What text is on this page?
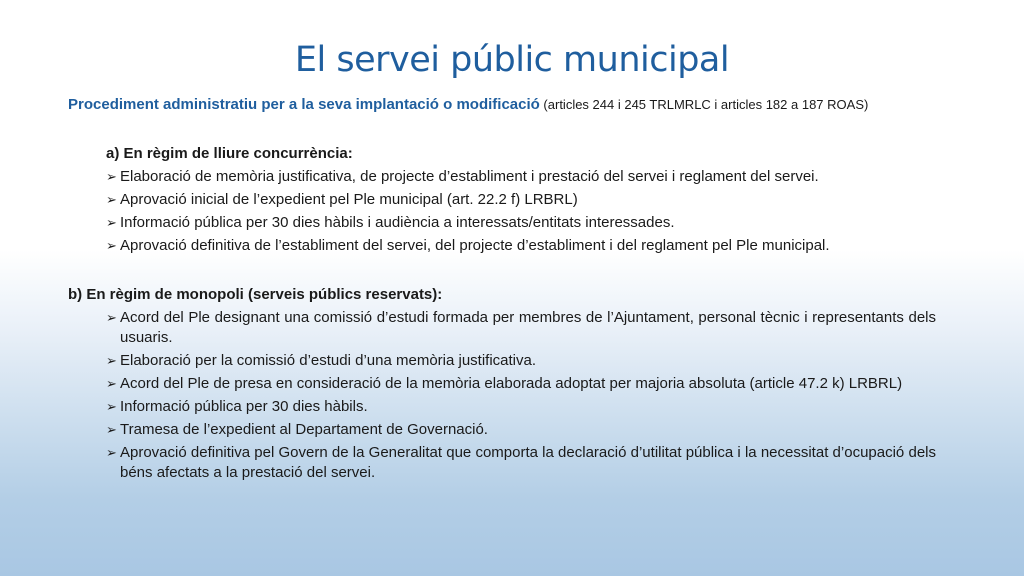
El servei públic municipal

Procediment administratiu per a la seva implantació o modificació (articles 244 i 245 TRLMRLC i articles 182 a 187 ROAS)

a) En règim de lliure concurrència:
➢ Elaboració de memòria justificativa, de projecte d’establiment i prestació del servei i reglament del servei.
➢ Aprovació inicial de l’expedient pel Ple municipal (art. 22.2 f) LRBRL)
➢ Informació pública per 30 dies hàbils i audiència a interessats/entitats interessades.
➢ Aprovació definitiva de l’establiment del servei, del projecte d’establiment i del reglament pel Ple municipal.
b) En règim de monopoli (serveis públics reservats):
➢ Acord del Ple designant una comissió d’estudi formada per membres de l’Ajuntament, personal tècnic i representants dels usuaris.
➢ Elaboració per la comissió d’estudi d’una memòria justificativa.
➢ Acord del Ple de presa en consideració de la memòria elaborada adoptat per majoria absoluta (article 47.2 k) LRBRL)
➢ Informació pública per 30 dies hàbils.
➢ Tramesa de l’expedient al Departament de Governació.
➢ Aprovació definitiva pel Govern de la Generalitat que comporta la declaració d’utilitat pública i la necessitat d’ocupació dels béns afectats a la prestació del servei.
